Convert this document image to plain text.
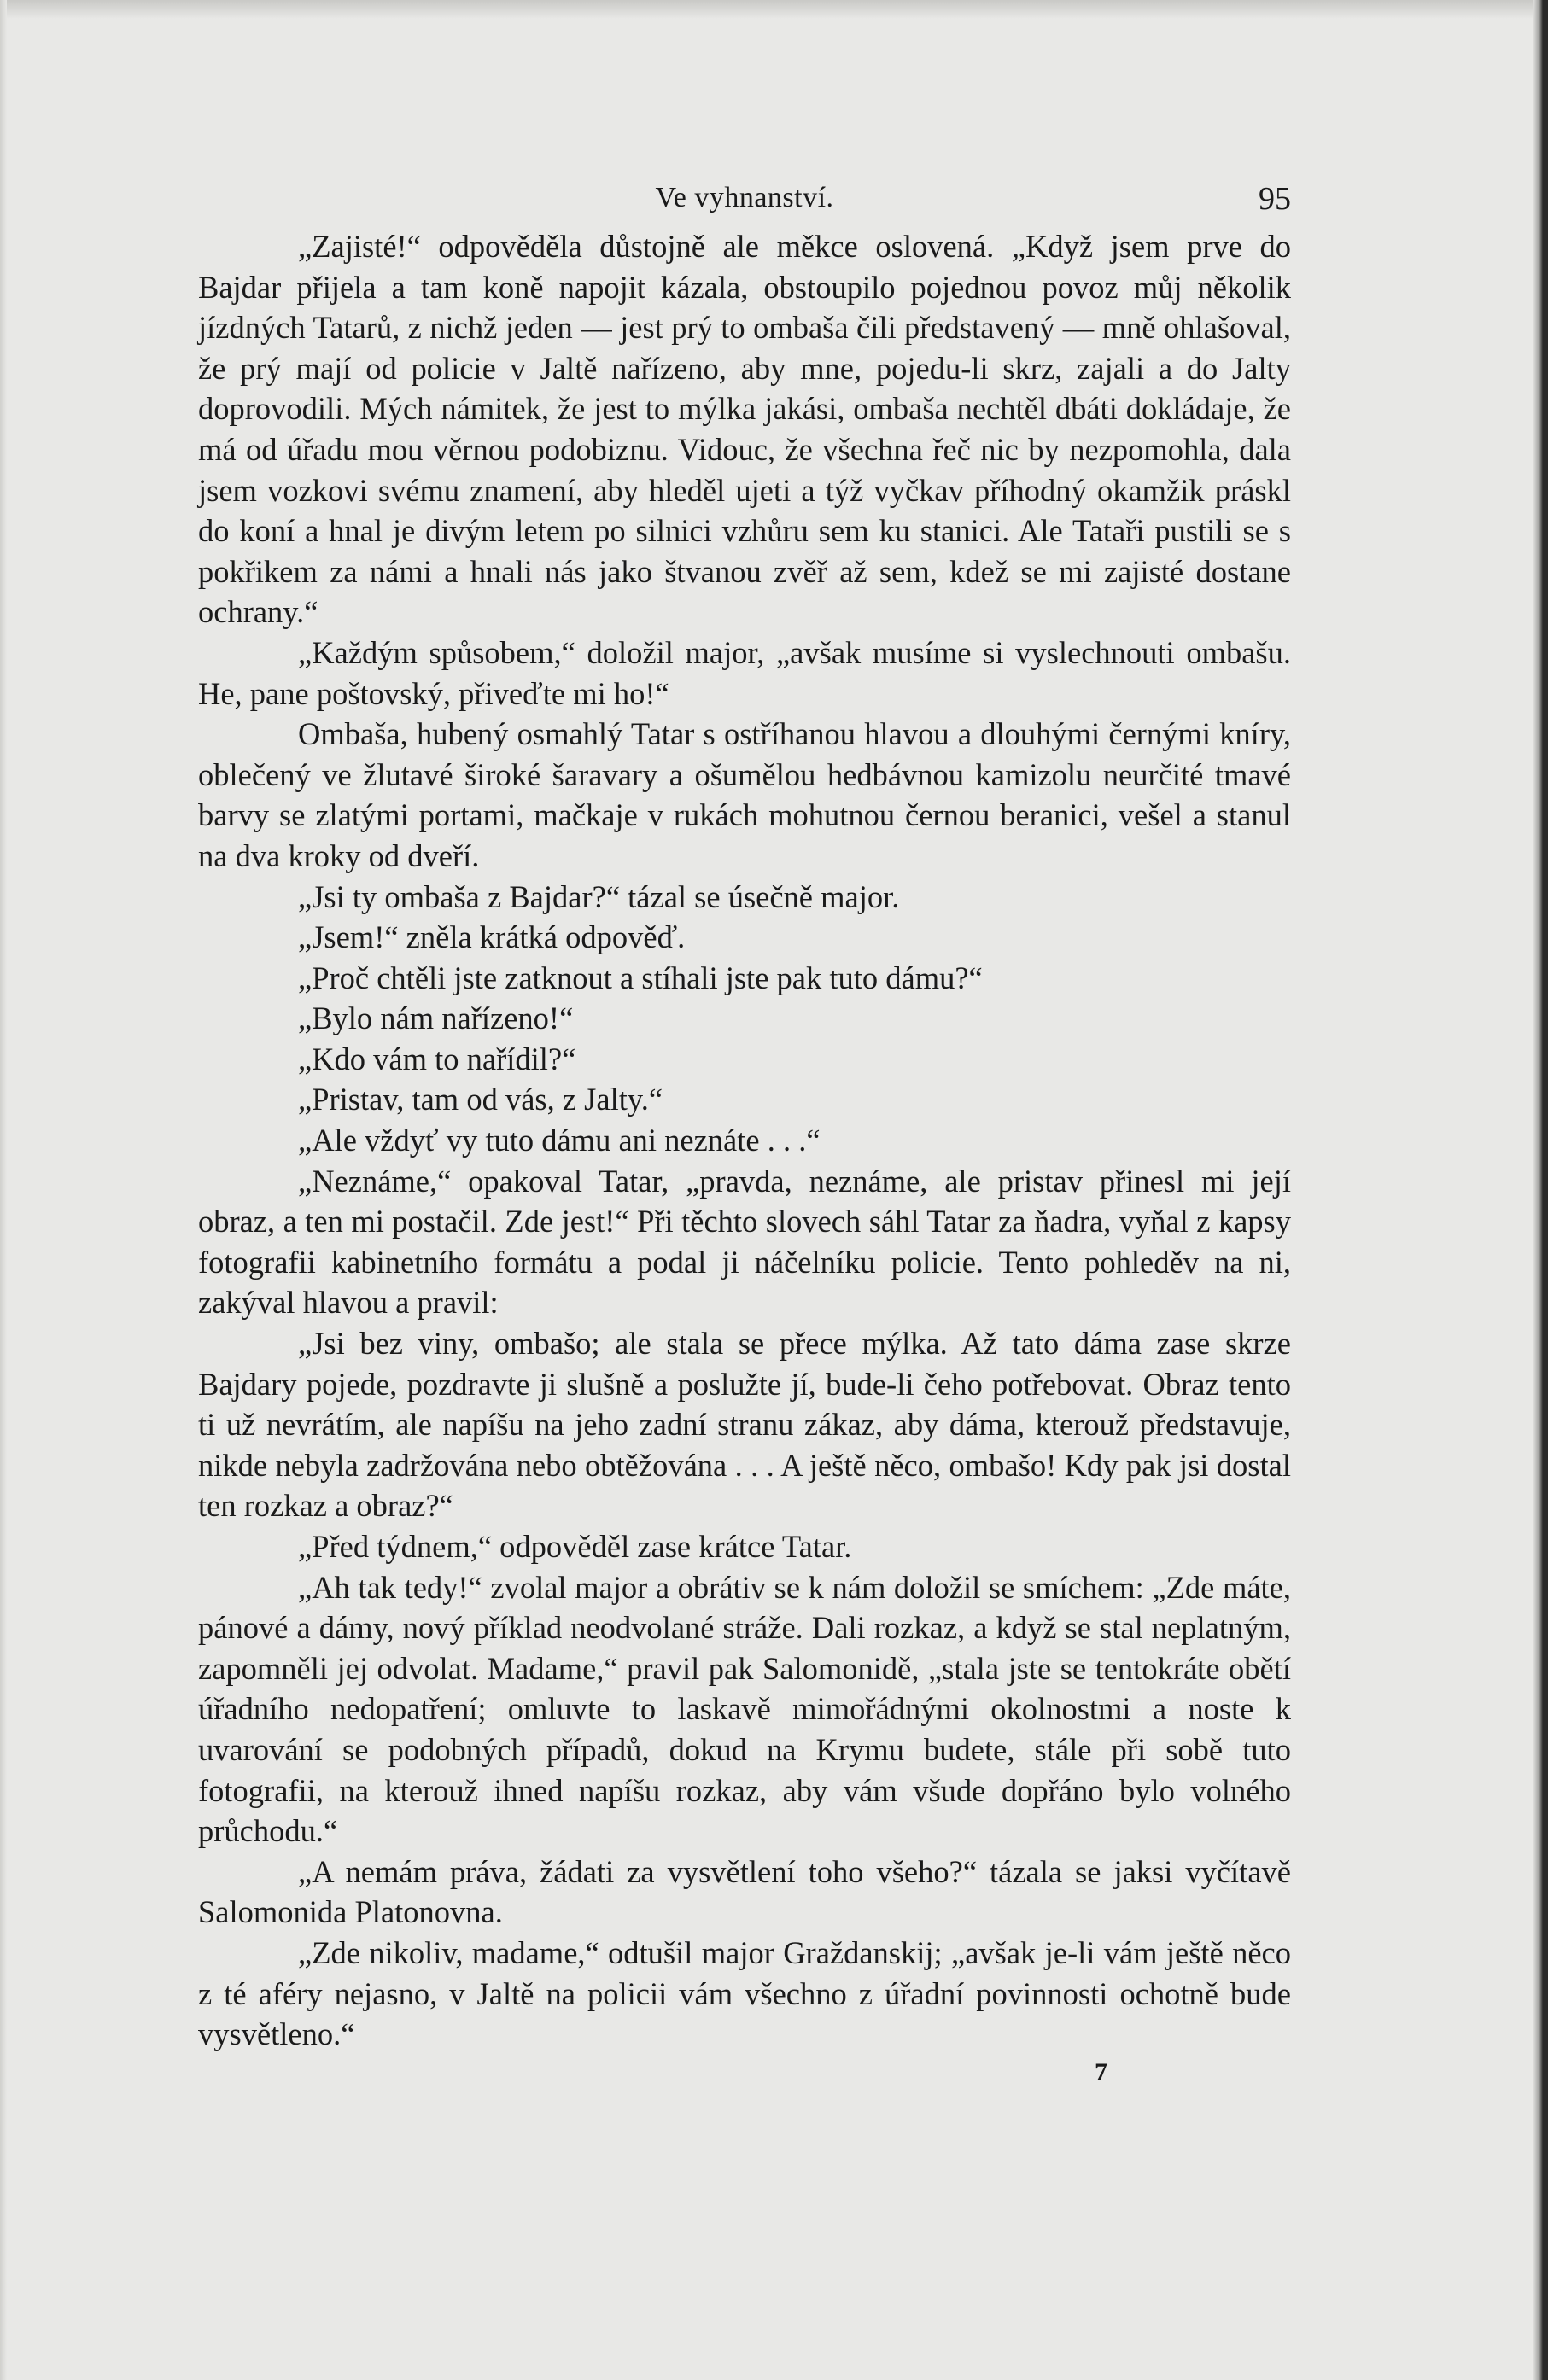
Ve vyhnanství.	95

„Zajisté!“ odpověděla důstojně ale měkce oslovená. „Když jsem prve do Bajdar přijela a tam koně napojit kázala, obstoupilo pojednou povoz můj několik jízdných Tatarů, z nichž jeden — jest prý to ombaša čili představený — mně ohlašoval, že prý mají od policie v Jaltě nařízeno, aby mne, pojedu-li skrz, zajali a do Jalty doprovodili. Mých námitek, že jest to mýlka jakási, ombaša nechtěl dbáti dokládaje, že má od úřadu mou věrnou podobiznu. Vidouc, že všechna řeč nic by nezpomohla, dala jsem vozkovi svému znamení, aby hleděl ujeti a týž vyčkav příhodný okamžik práskl do koní a hnal je divým letem po silnici vzhůru sem ku stanici. Ale Tataři pustili se s pokřikem za námi a hnali nás jako štvanou zvěř až sem, kdež se mi zajisté dostane ochrany.“

„Každým spůsobem,“ doložil major, „avšak musíme si vyslechnouti ombašu. He, pane poštovský, přiveďte mi ho!“

Ombaša, hubený osmahlý Tatar s ostříhanou hlavou a dlouhými černými kníry, oblečený ve žlutavé široké šaravary a ošumělou hedbávnou kamizolu neurčité tmavé barvy se zlatými portami, mačkaje v rukách mohutnou černou beranici, vešel a stanul na dva kroky od dveří.

„Jsi ty ombaša z Bajdar?“ tázal se úsečně major.

„Jsem!“ zněla krátká odpověď.

„Proč chtěli jste zatknout a stíhali jste pak tuto dámu?“

„Bylo nám nařízeno!“

„Kdo vám to nařídil?“

„Pristav, tam od vás, z Jalty.“

„Ale vždyť vy tuto dámu ani neznáte . . .“

„Neznáme,“ opakoval Tatar, „pravda, neznáme, ale pristav přinesl mi její obraz, a ten mi postačil. Zde jest!“ Při těchto slovech sáhl Tatar za ňadra, vyňal z kapsy fotografii kabinetního formátu a podal ji náčelníku policie. Tento pohleděv na ni, zakýval hlavou a pravil:

„Jsi bez viny, ombašo; ale stala se přece mýlka. Až tato dáma zase skrze Bajdary pojede, pozdravte ji slušně a poslužte jí, bude-li čeho potřebovat. Obraz tento ti už nevrátím, ale napíšu na jeho zadní stranu zákaz, aby dáma, kterouž představuje, nikde nebyla zadržována nebo obtěžována . . . A ještě něco, ombašo! Kdy pak jsi dostal ten rozkaz a obraz?“

„Před týdnem,“ odpověděl zase krátce Tatar.

„Ah tak tedy!“ zvolal major a obrátiv se k nám doložil se smíchem: „Zde máte, pánové a dámy, nový příklad neodvolané stráže. Dali rozkaz, a když se stal neplatným, zapomněli jej odvolat. Madame,“ pravil pak Salomonidě, „stala jste se tentokráte obětí úřadního nedopatření; omluvte to laskavě mimořádnými okolnostmi a noste k uvarování se podobných případů, dokud na Krymu budete, stále při sobě tuto fotografii, na kterouž ihned napíšu rozkaz, aby vám všude dopřáno bylo volného průchodu.“

„A nemám práva, žádati za vysvětlení toho všeho?“ tázala se jaksi vyčítavě Salomonida Platonovna.

„Zde nikoliv, madame,“ odtušil major Graždanskij; „avšak je-li vám ještě něco z té aféry nejasno, v Jaltě na policii vám všechno z úřadní povinnosti ochotně bude vysvětleno.“

7
